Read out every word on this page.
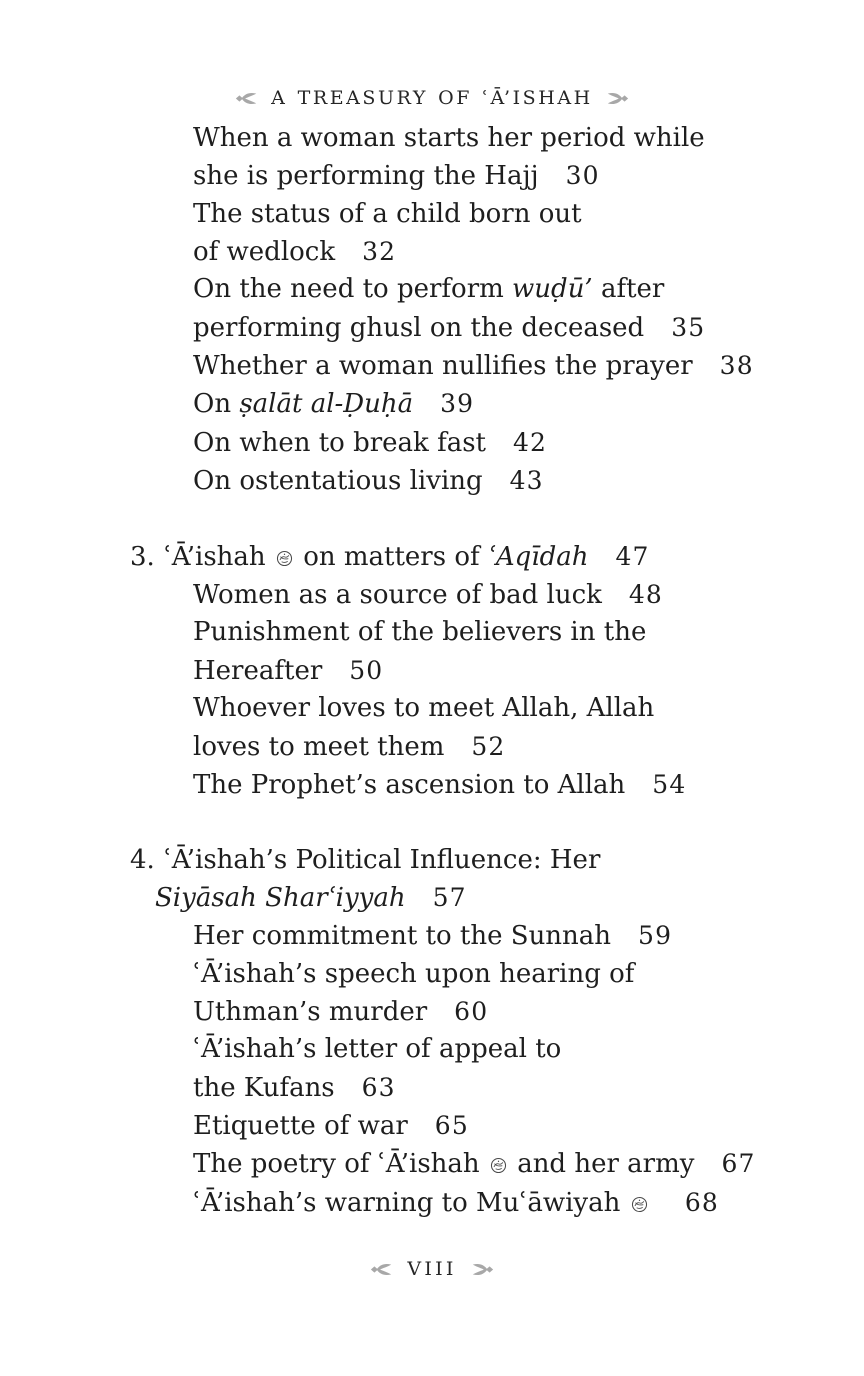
A TREASURY OF ʿĀ’ISHAH
When a woman starts her period while
she is performing the Hajj 30
The status of a child born out
of wedlock 32
On the need to perform wuḍū’ after
performing ghusl on the deceased 35
Whether a woman nullifies the prayer 38
On ṣalāt al-Ḍuḥā 39
On when to break fast 42
On ostentatious living 43
3. ʿĀ’ishah
on matters of ʿAqīdah 47
Women as a source of bad luck 48
Punishment of the believers in the
Hereafter 50
Whoever loves to meet Allah, Allah
loves to meet them 52
The Prophet’s ascension to Allah 54
4. ʿĀ’ishah’s Political Influence: Her
Siyāsah Sharʿiyyah 57
Her commitment to the Sunnah 59
ʿĀ’ishah’s speech upon hearing of
Uthman’s murder 60
ʿĀ’ishah’s letter of appeal to
the Kufans 63
Etiquette of war 65
The poetry of ʿĀ’ishah
and her army 67
ʿĀ’ishah’s warning to Muʿāwiyah
68
VIII
